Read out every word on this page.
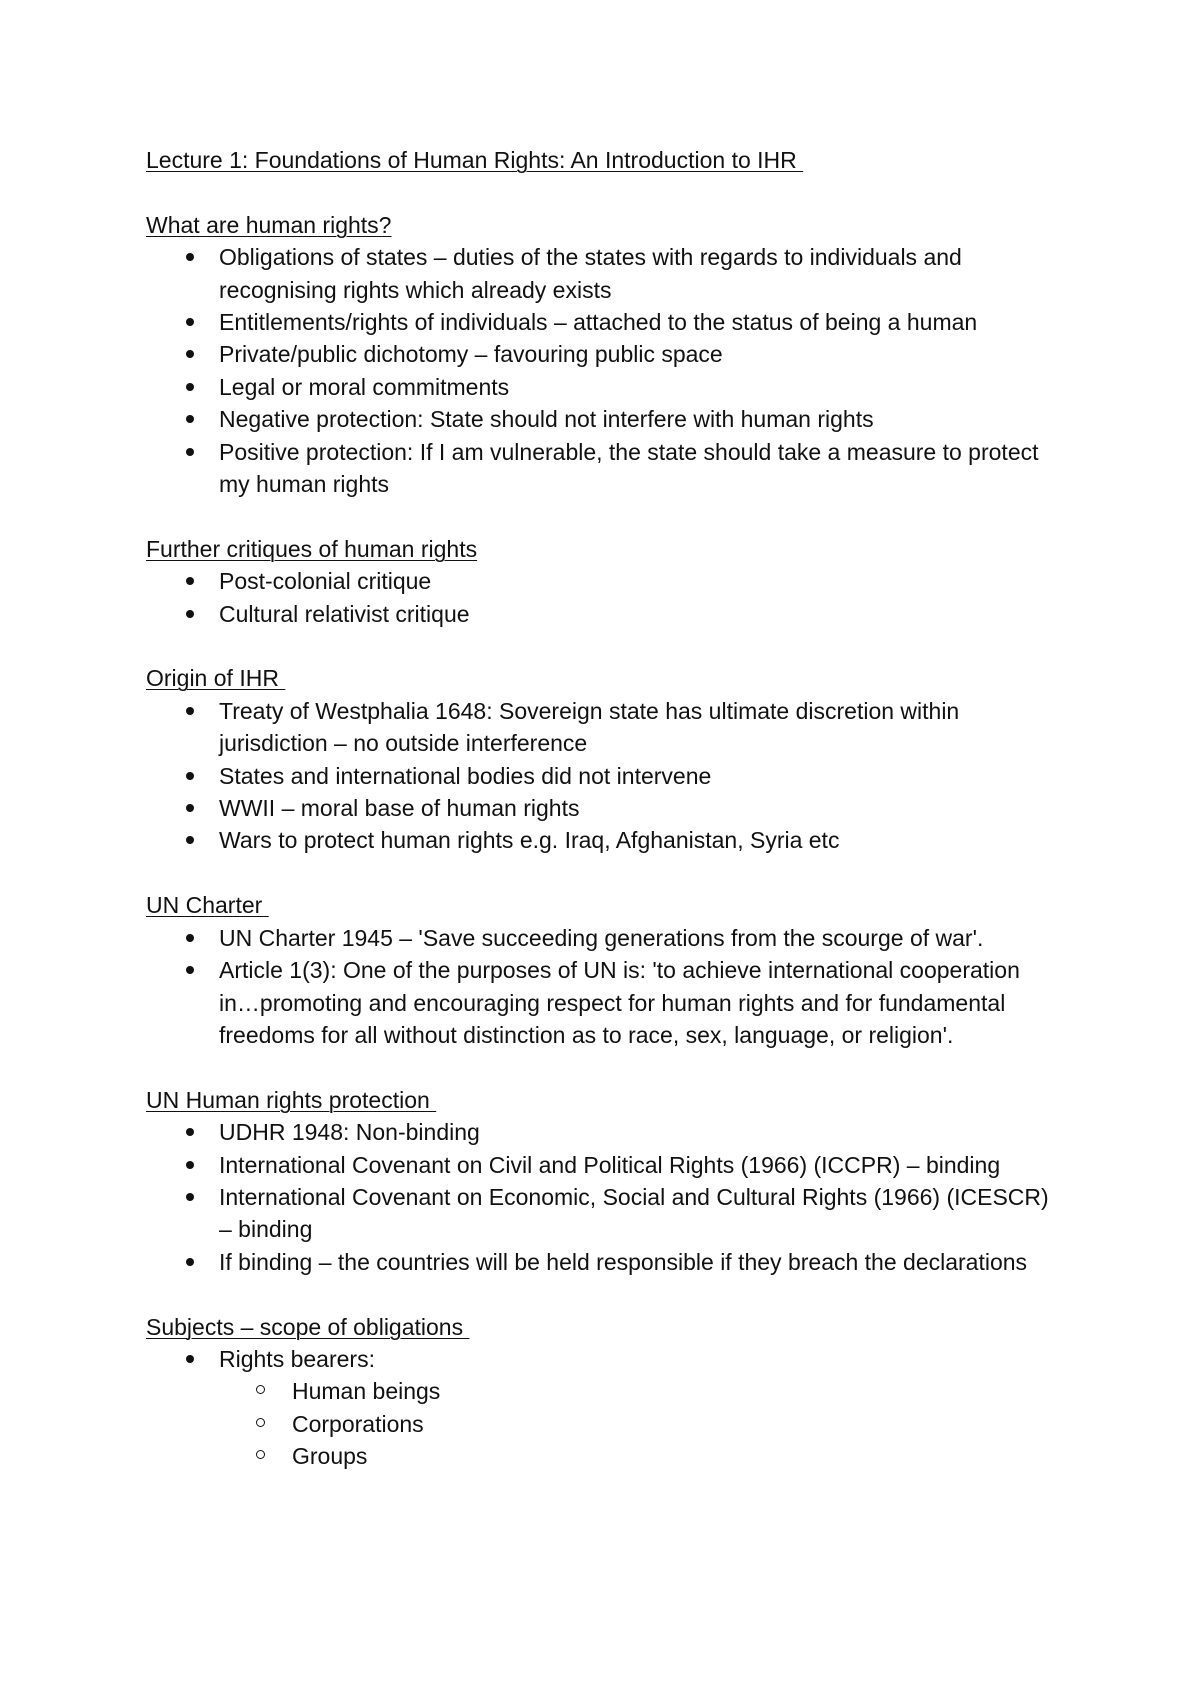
Lecture 1: Foundations of Human Rights: An Introduction to IHR
What are human rights?
Obligations of states – duties of the states with regards to individuals and recognising rights which already exists
Entitlements/rights of individuals – attached to the status of being a human
Private/public dichotomy – favouring public space
Legal or moral commitments
Negative protection: State should not interfere with human rights
Positive protection: If I am vulnerable, the state should take a measure to protect my human rights
Further critiques of human rights
Post-colonial critique
Cultural relativist critique
Origin of IHR
Treaty of Westphalia 1648: Sovereign state has ultimate discretion within jurisdiction – no outside interference
States and international bodies did not intervene
WWII – moral base of human rights
Wars to protect human rights e.g. Iraq, Afghanistan, Syria etc
UN Charter
UN Charter 1945 – 'Save succeeding generations from the scourge of war'.
Article 1(3): One of the purposes of UN is: 'to achieve international cooperation in…promoting and encouraging respect for human rights and for fundamental freedoms for all without distinction as to race, sex, language, or religion'.
UN Human rights protection
UDHR 1948: Non-binding
International Covenant on Civil and Political Rights (1966) (ICCPR) – binding
International Covenant on Economic, Social and Cultural Rights (1966) (ICESCR) – binding
If binding – the countries will be held responsible if they breach the declarations
Subjects – scope of obligations
Rights bearers:
Human beings
Corporations
Groups
